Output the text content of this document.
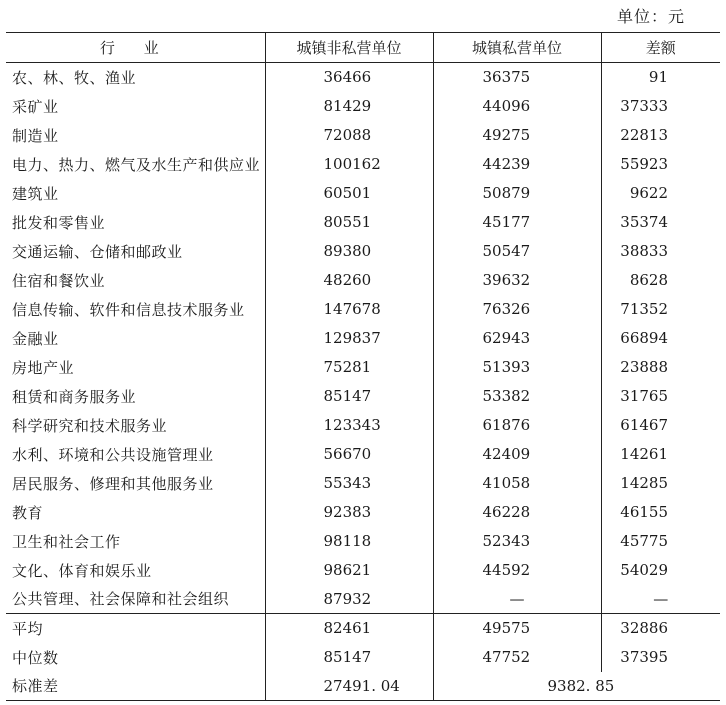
单位：元
行 业	城镇非私营单位	城镇私营单位	差额
农、林、牧、渔业	36466	36375	91
采矿业	81429	44096	37333
制造业	72088	49275	22813
电力、热力、燃气及水生产和供应业	100162	44239	55923
建筑业	60501	50879	9622
批发和零售业	80551	45177	35374
交通运输、仓储和邮政业	89380	50547	38833
住宿和餐饮业	48260	39632	8628
信息传输、软件和信息技术服务业	147678	76326	71352
金融业	129837	62943	66894
房地产业	75281	51393	23888
租赁和商务服务业	85147	53382	31765
科学研究和技术服务业	123343	61876	61467
水利、环境和公共设施管理业	56670	42409	14261
居民服务、修理和其他服务业	55343	41058	14285
教育	92383	46228	46155
卫生和社会工作	98118	52343	45775
文化、体育和娱乐业	98621	44592	54029
公共管理、社会保障和社会组织	87932	—	—
平均	82461	49575	32886
中位数	85147	47752	37395
标准差	27491. 04	9382. 85	
